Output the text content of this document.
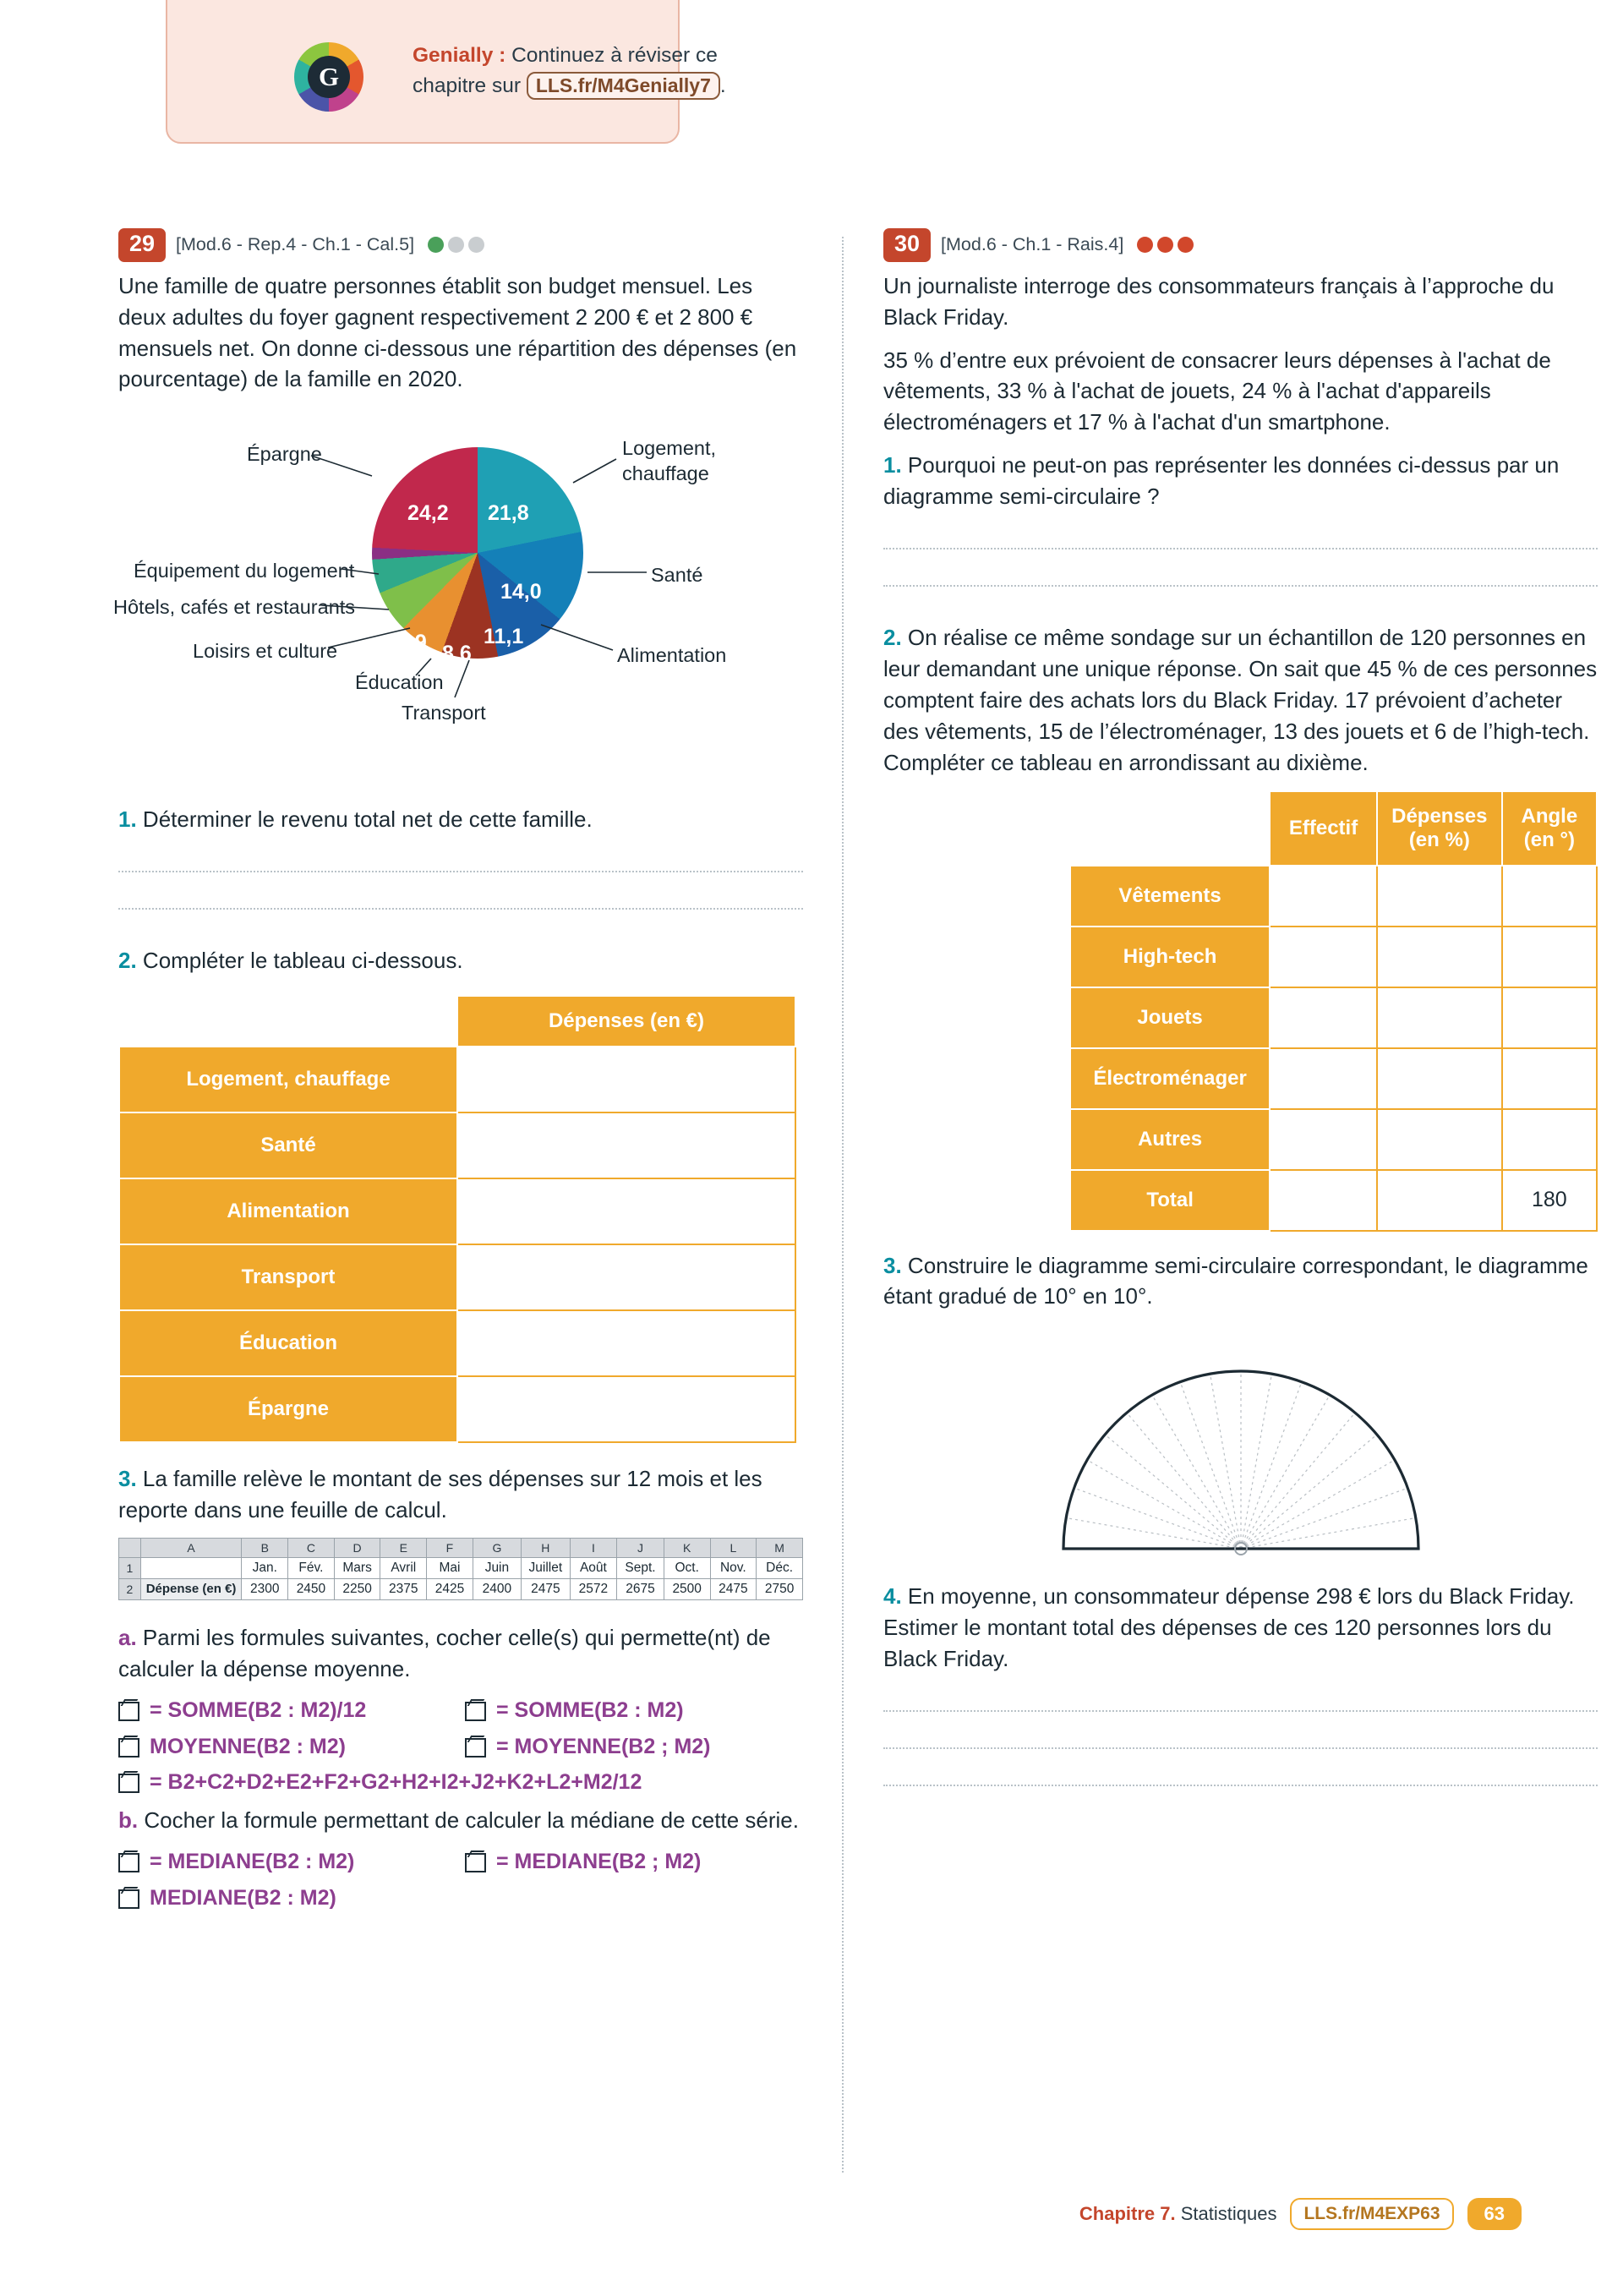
G
Genially : Continuez à réviser ce chapitre sur LLS.fr/M4Genially7 .
29	[Mod.6 - Rep.4 - Ch.1 - Cal.5]

Une famille de quatre personnes établit son budget mensuel. Les deux adultes du foyer gagnent respectivement 2 200 € et 2 800 € mensuels net. On donne ci-dessous une répartition des dépenses (en pourcentage) de la famille en 2020.

24,2 21,8
14,0
11,1
8,6
6,9
Logement, chauffage
Santé
Alimentation
Transport
Éducation
Loisirs et culture
Hôtels, cafés et restaurants
Équipement du logement
Épargne

1. Déterminer le revenu total net de cette famille.

2. Compléter le tableau ci-dessous.

	Dépenses (en €)
Logement, chauffage	
Santé	
Alimentation	
Transport	
Éducation	
Épargne	

3. La famille relève le montant de ses dépenses sur 12 mois et les reporte dans une feuille de calcul.

	A	B	C	D	E	F	G	H	I	J	K	L	M
1		Jan.	Fév.	Mars	Avril	Mai	Juin	Juillet	Août	Sept.	Oct.	Nov.	Déc.
2	Dépense (en €)	2300	2450	2250	2375	2425	2400	2475	2572	2675	2500	2475	2750

a. Parmi les formules suivantes, cocher celle(s) qui permette(nt) de calculer la dépense moyenne.

= SOMME(B2 : M2)/12	= SOMME(B2 : M2)
MOYENNE(B2 : M2)	= MOYENNE(B2 ; M2)
= B2+C2+D2+E2+F2+G2+H2+I2+J2+K2+L2+M2/12

b. Cocher la formule permettant de calculer la médiane de cette série.

= MEDIANE(B2 : M2)	= MEDIANE(B2 ; M2)
MEDIANE(B2 : M2)
30	[Mod.6 - Ch.1 - Rais.4]

Un journaliste interroge des consommateurs français à l’approche du Black Friday.

35 % d’entre eux prévoient de consacrer leurs dépenses à l'achat de vêtements, 33 % à l'achat de jouets, 24 % à l'achat d'appareils électroménagers et 17 % à l'achat d'un smartphone.

1. Pourquoi ne peut-on pas représenter les données ci-dessus par un diagramme semi-circulaire ?

2. On réalise ce même sondage sur un échantillon de 120 personnes en leur demandant une unique réponse. On sait que 45 % de ces personnes comptent faire des achats lors du Black Friday. 17 prévoient d’acheter des vêtements, 15 de l’électroménager, 13 des jouets et 6 de l’high-tech. Compléter ce tableau en arrondissant au dixième.

	Effectif	Dépenses (en %)	Angle (en °)
Vêtements			
High-tech			
Jouets			
Électroménager			
Autres			
Total			180

3. Construire le diagramme semi-circulaire correspondant, le diagramme étant gradué de 10° en 10°.

4. En moyenne, un consommateur dépense 298 € lors du Black Friday. Estimer le montant total des dépenses de ces 120 personnes lors du Black Friday.

Chapitre 7. Statistiques	LLS.fr/M4EXP63	63
